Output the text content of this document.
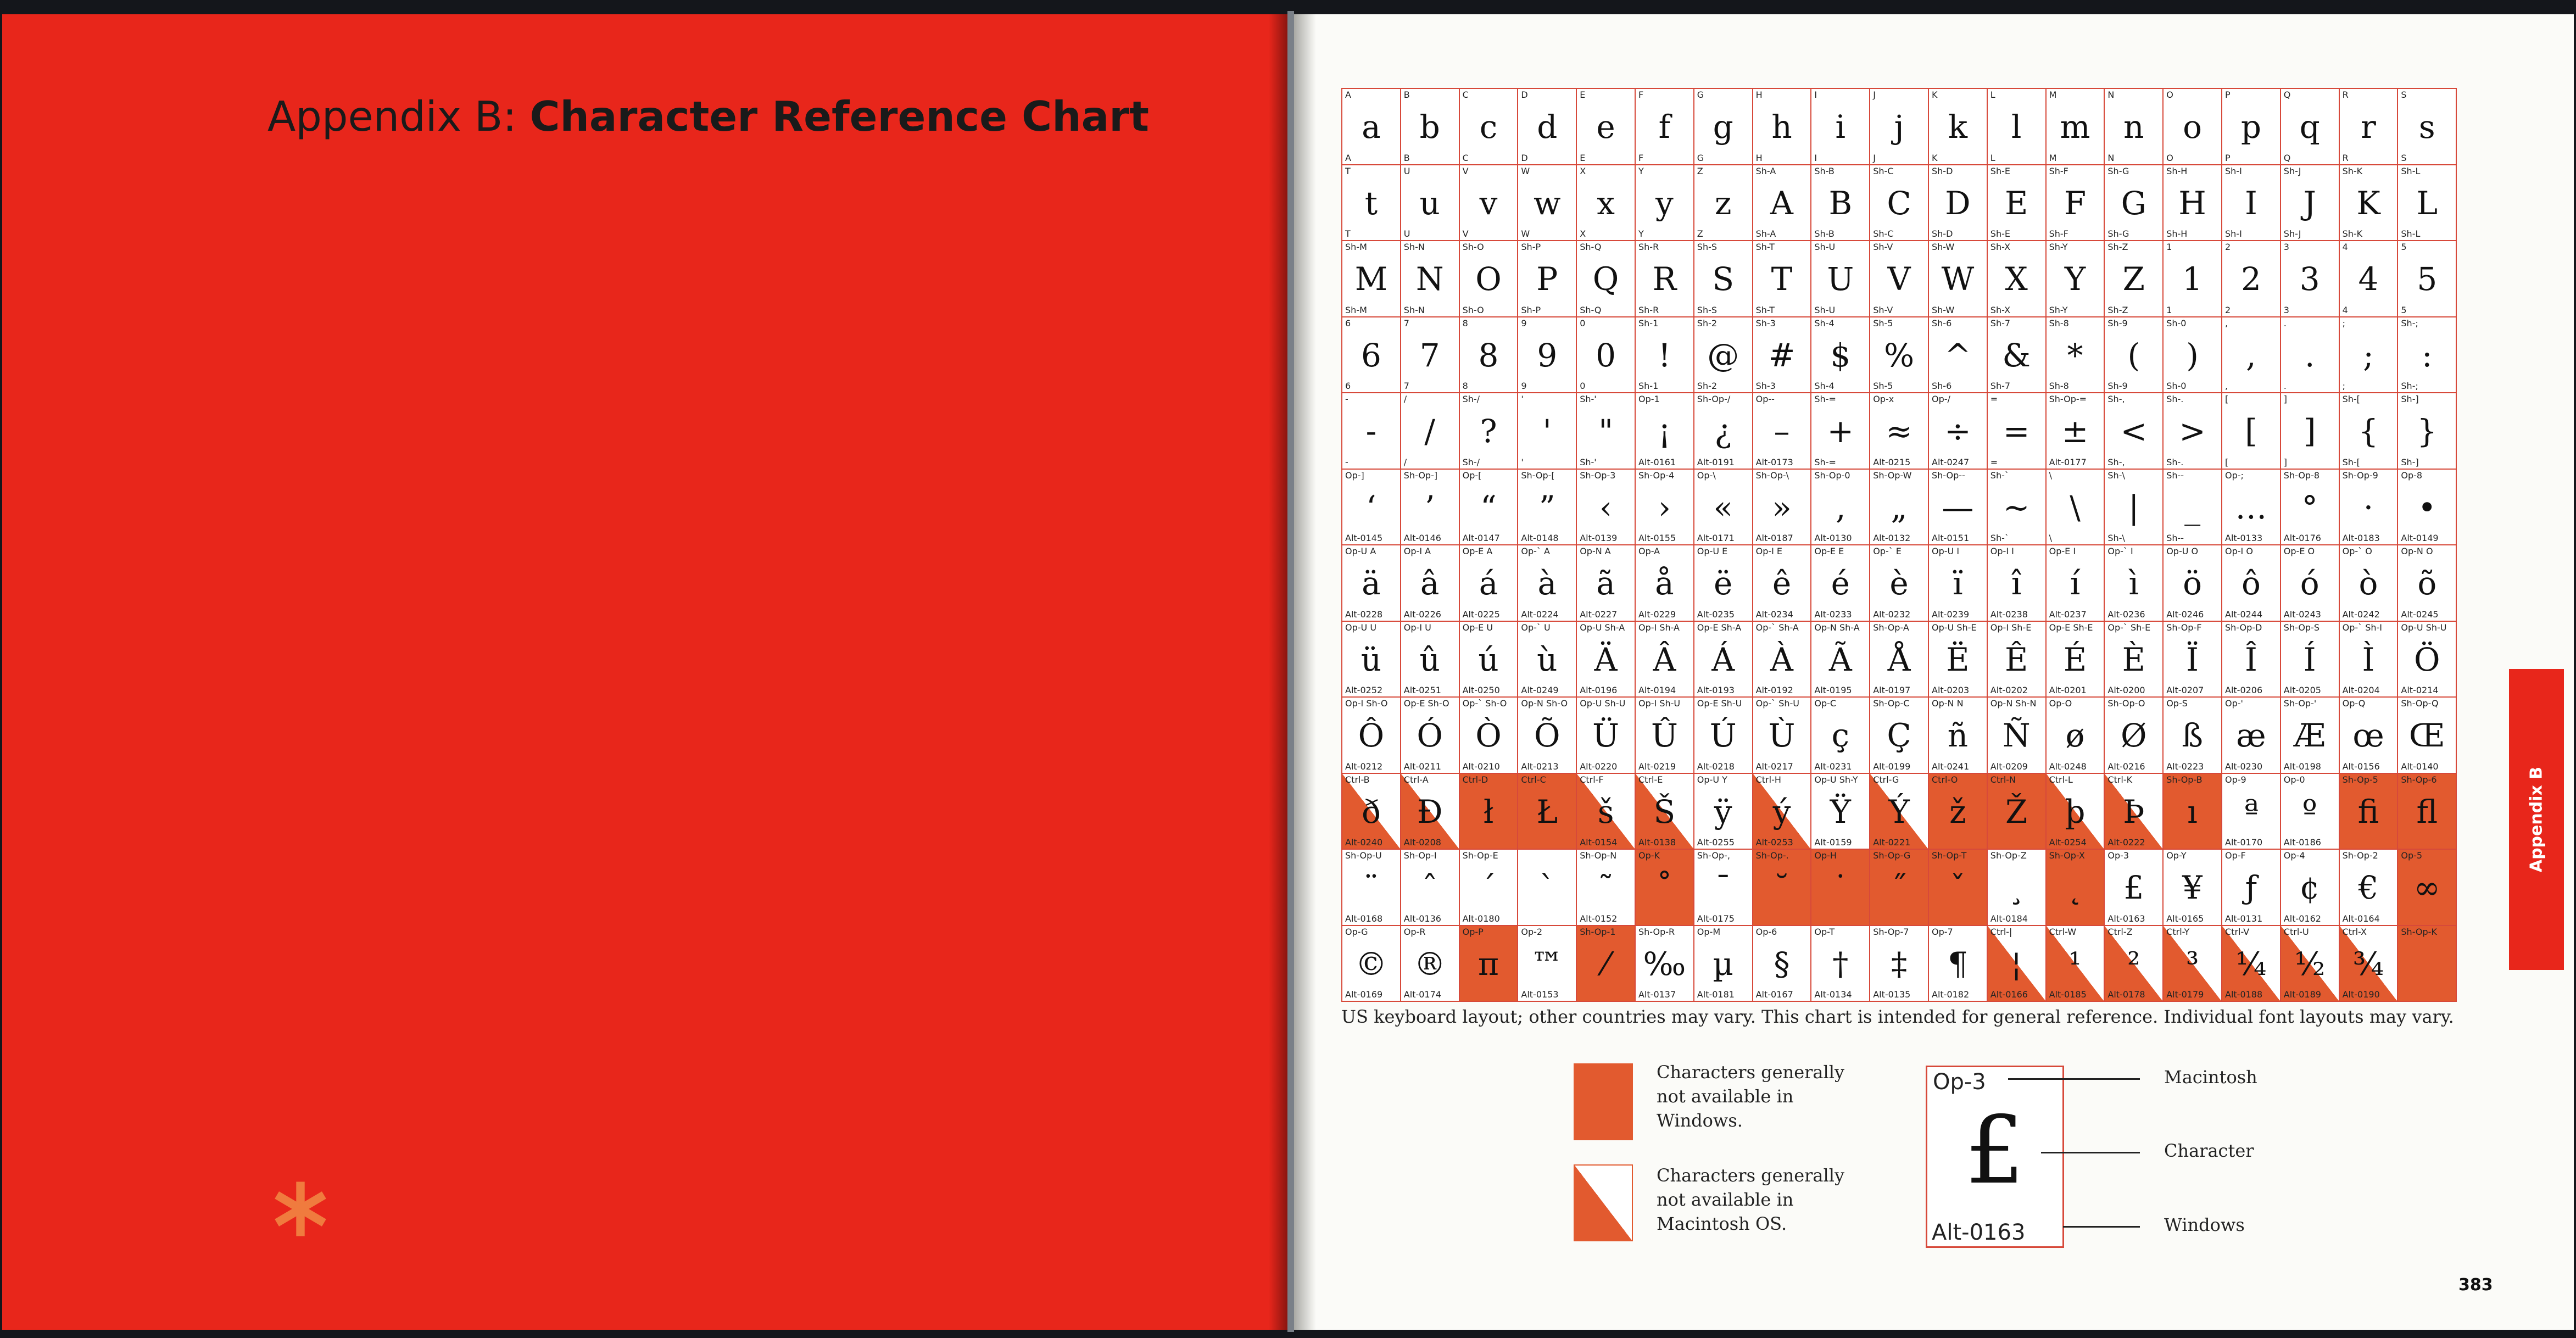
Appendix B: Character Reference Chart	A
a
A
B
b
B
C
c
C
D
d
D
E
e
E
F
f
F
G
g
G
H
h
H
I
i
I
J
j
J
K
k
K
L
l
L
M
m
M
N
n
N
O
o
O
P
p
P
Q
q
Q
R
r
R
S
s
S
T
t
T
U
u
U
V
v
V
W
w
W
X
x
X
Y
y
Y
Z
z
Z
Sh-A
A
Sh-A
Sh-B
B
Sh-B
Sh-C
C
Sh-C
Sh-D
D
Sh-D
Sh-E
E
Sh-E
Sh-F
F
Sh-F
Sh-G
G
Sh-G
Sh-H
H
Sh-H
Sh-I
I
Sh-I
Sh-J
J
Sh-J
Sh-K
K
Sh-K
Sh-L
L
Sh-L
Sh-M
M
Sh-M
Sh-N
N
Sh-N
Sh-O
O
Sh-O
Sh-P
P
Sh-P
Sh-Q
Q
Sh-Q
Sh-R
R
Sh-R
Sh-S
S
Sh-S
Sh-T
T
Sh-T
Sh-U
U
Sh-U
Sh-V
V
Sh-V
Sh-W
W
Sh-W
Sh-X
X
Sh-X
Sh-Y
Y
Sh-Y
Sh-Z
Z
Sh-Z
1
1
1
2
2
2
3
3
3
4
4
4
5
5
5
6
6
6
7
7
7
8
8
8
9
9
9
0
0
0
Sh-1
!
Sh-1
Sh-2
@
Sh-2
Sh-3
#
Sh-3
Sh-4
$
Sh-4
Sh-5
%
Sh-5
Sh-6
^
Sh-6
Sh-7
&
Sh-7
Sh-8
*
Sh-8
Sh-9
(
Sh-9
Sh-0
)
Sh-0
,
,
,
.
.
.
;
;
;
Sh-;
:
Sh-;
-
-
-
/
/
/
Sh-/
?
Sh-/
'
'
'
Sh-'
"
Sh-'
Op-1
¡
Alt-0161
Sh-Op-/
¿
Alt-0191
Op--
–
Alt-0173
Sh-=
+
Sh-=
Op-x
≈
Alt-0215
Op-/
÷
Alt-0247
=
=
=
Sh-Op-=
±
Alt-0177
Sh-,
<
Sh-,
Sh-.
>
Sh-.
[
[
[
]
]
]
Sh-[
{
Sh-[
Sh-]
}
Sh-]
Op-]
‘
Alt-0145
Sh-Op-]
’
Alt-0146
Op-[
“
Alt-0147
Sh-Op-[
”
Alt-0148
Sh-Op-3
‹
Alt-0139
Sh-Op-4
›
Alt-0155
Op-\
«
Alt-0171
Sh-Op-\
»
Alt-0187
Sh-Op-0
‚
Alt-0130
Sh-Op-W
„
Alt-0132
Sh-Op--
—
Alt-0151
Sh-`
~
Sh-`
\
\
\
Sh-\
|
Sh-\
Sh--
_
Sh--
Op-;
…
Alt-0133
Sh-Op-8
°
Alt-0176
Sh-Op-9
·
Alt-0183
Op-8
•
Alt-0149
Op-U A
ä
Alt-0228
Op-I A
â
Alt-0226
Op-E A
á
Alt-0225
Op-` A
à
Alt-0224
Op-N A
ã
Alt-0227
Op-A
å
Alt-0229
Op-U E
ë
Alt-0235
Op-I E
ê
Alt-0234
Op-E E
é
Alt-0233
Op-` E
è
Alt-0232
Op-U I
ï
Alt-0239
Op-I I
î
Alt-0238
Op-E I
í
Alt-0237
Op-` I
ì
Alt-0236
Op-U O
ö
Alt-0246
Op-I O
ô
Alt-0244
Op-E O
ó
Alt-0243
Op-` O
ò
Alt-0242
Op-N O
õ
Alt-0245
Op-U U
ü
Alt-0252
Op-I U
û
Alt-0251
Op-E U
ú
Alt-0250
Op-` U
ù
Alt-0249
Op-U Sh-A
Ä
Alt-0196
Op-I Sh-A
Â
Alt-0194
Op-E Sh-A
Á
Alt-0193
Op-` Sh-A
À
Alt-0192
Op-N Sh-A
Ã
Alt-0195
Sh-Op-A
Å
Alt-0197
Op-U Sh-E
Ë
Alt-0203
Op-I Sh-E
Ê
Alt-0202
Op-E Sh-E
É
Alt-0201
Op-` Sh-E
È
Alt-0200
Sh-Op-F
Ï
Alt-0207
Sh-Op-D
Î
Alt-0206
Sh-Op-S
Í
Alt-0205
Op-` Sh-I
Ì
Alt-0204
Op-U Sh-U
Ö
Alt-0214
Op-I Sh-O
Ô
Alt-0212
Op-E Sh-O
Ó
Alt-0211
Op-` Sh-O
Ò
Alt-0210
Op-N Sh-O
Õ
Alt-0213
Op-U Sh-U
Ü
Alt-0220
Op-I Sh-U
Û
Alt-0219
Op-E Sh-U
Ú
Alt-0218
Op-` Sh-U
Ù
Alt-0217
Op-C
ç
Alt-0231
Sh-Op-C
Ç
Alt-0199
Op-N N
ñ
Alt-0241
Op-N Sh-N
Ñ
Alt-0209
Op-O
ø
Alt-0248
Sh-Op-O
Ø
Alt-0216
Op-S
ß
Alt-0223
Op-'
æ
Alt-0230
Sh-Op-'
Æ
Alt-0198
Op-Q
œ
Alt-0156
Sh-Op-Q
Œ
Alt-0140
Ctrl-B
ð
Alt-0240
Ctrl-A
Ð
Alt-0208
Ctrl-D
ł
Ctrl-C
Ł
Ctrl-F
š
Alt-0154
Ctrl-E
Š
Alt-0138
Op-U Y
ÿ
Alt-0255
Ctrl-H
ý
Alt-0253
Op-U Sh-Y
Ÿ
Alt-0159
Ctrl-G
Ý
Alt-0221
Ctrl-O
ž
Ctrl-N
Ž
Ctrl-L
þ
Alt-0254
Ctrl-K
Þ
Alt-0222
Sh-Op-B
ı
Op-9
ª
Alt-0170
Op-0
º
Alt-0186
Sh-Op-5
ﬁ
Sh-Op-6
ﬂ
Sh-Op-U
¨
Alt-0168
Sh-Op-I
ˆ
Alt-0136
Sh-Op-E
´
Alt-0180
`
Sh-Op-N
˜
Alt-0152
Op-K
˚
Sh-Op-,
¯
Alt-0175
Sh-Op-.
˘
Op-H
˙
Sh-Op-G
˝
Sh-Op-T
ˇ
Sh-Op-Z
¸
Alt-0184
Sh-Op-X
˛
Op-3
£
Alt-0163
Op-Y
¥
Alt-0165
Op-F
ƒ
Alt-0131
Op-4
¢
Alt-0162
Sh-Op-2
€
Alt-0164
Op-5
∞
Op-G
©
Alt-0169
Op-R
®
Alt-0174
Op-P
π
Op-2
™
Alt-0153
Sh-Op-1
⁄
Sh-Op-R
‰
Alt-0137
Op-M
µ
Alt-0181
Op-6
§
Alt-0167
Op-T
†
Alt-0134
Sh-Op-7
‡
Alt-0135
Op-7
¶
Alt-0182
Ctrl-|
¦
Alt-0166
Ctrl-W
¹
Alt-0185
Ctrl-Z
²
Alt-0178
Ctrl-Y
³
Alt-0179
Ctrl-V
¼
Alt-0188
Ctrl-U
½
Alt-0189
Ctrl-X
¾
Alt-0190
Sh-Op-K

US keyboard layout; other countries may vary. This chart is intended for general reference. Individual font layouts may vary.

Characters generally not available in Windows.
Characters generally not available in Macintosh OS.
Op-3
£
Alt-0163
Macintosh
Character
Windows
Appendix B
383
